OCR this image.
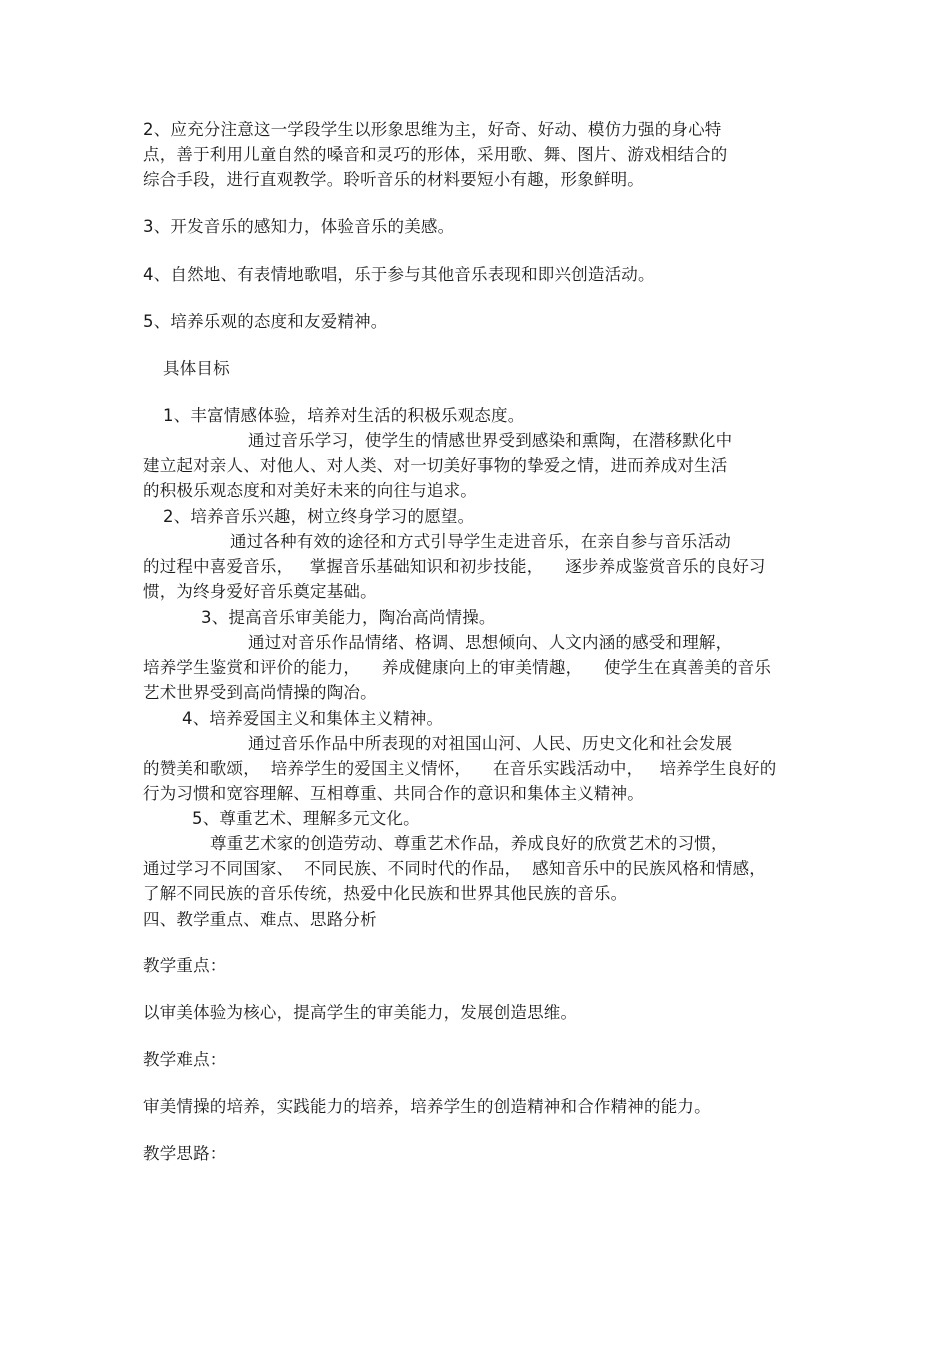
2、应充分注意这一学段学生以形象思维为主，好奇、好动、模仿力强的身心特

点，善于利用儿童自然的嗓音和灵巧的形体，采用歌、舞、图片、游戏相结合的

综合手段，进行直观教学。聆听音乐的材料要短小有趣，形象鲜明。

3、开发音乐的感知力，体验音乐的美感。

4、自然地、有表情地歌唱，乐于参与其他音乐表现和即兴创造活动。

5、培养乐观的态度和友爱精神。

具体目标

1、丰富情感体验，培养对生活的积极乐观态度。

通过音乐学习，使学生的情感世界受到感染和熏陶，在潜移默化中

建立起对亲人、对他人、对人类、对一切美好事物的挚爱之情，进而养成对生活

的积极乐观态度和对美好未来的向往与追求。

2、培养音乐兴趣，树立终身学习的愿望。

通过各种有效的途径和方式引导学生走进音乐，在亲自参与音乐活动

的过程中喜爱音乐，   掌握音乐基础知识和初步技能，    逐步养成鉴赏音乐的良好习

惯，为终身爱好音乐奠定基础。

3、提高音乐审美能力，陶冶高尚情操。

通过对音乐作品情绪、格调、思想倾向、人文内涵的感受和理解，

培养学生鉴赏和评价的能力，    养成健康向上的审美情趣，    使学生在真善美的音乐

艺术世界受到高尚情操的陶冶。

4、培养爱国主义和集体主义精神。

通过音乐作品中所表现的对祖国山河、人民、历史文化和社会发展

的赞美和歌颂，  培养学生的爱国主义情怀，    在音乐实践活动中，   培养学生良好的

行为习惯和宽容理解、互相尊重、共同合作的意识和集体主义精神。

5、尊重艺术、理解多元文化。

尊重艺术家的创造劳动、尊重艺术作品，养成良好的欣赏艺术的习惯，

通过学习不同国家、  不同民族、不同时代的作品，  感知音乐中的民族风格和情感，

了解不同民族的音乐传统，热爱中化民族和世界其他民族的音乐。

四、教学重点、难点、思路分析

教学重点：

以审美体验为核心，提高学生的审美能力，发展创造思维。

教学难点：

审美情操的培养，实践能力的培养，培养学生的创造精神和合作精神的能力。

教学思路：
